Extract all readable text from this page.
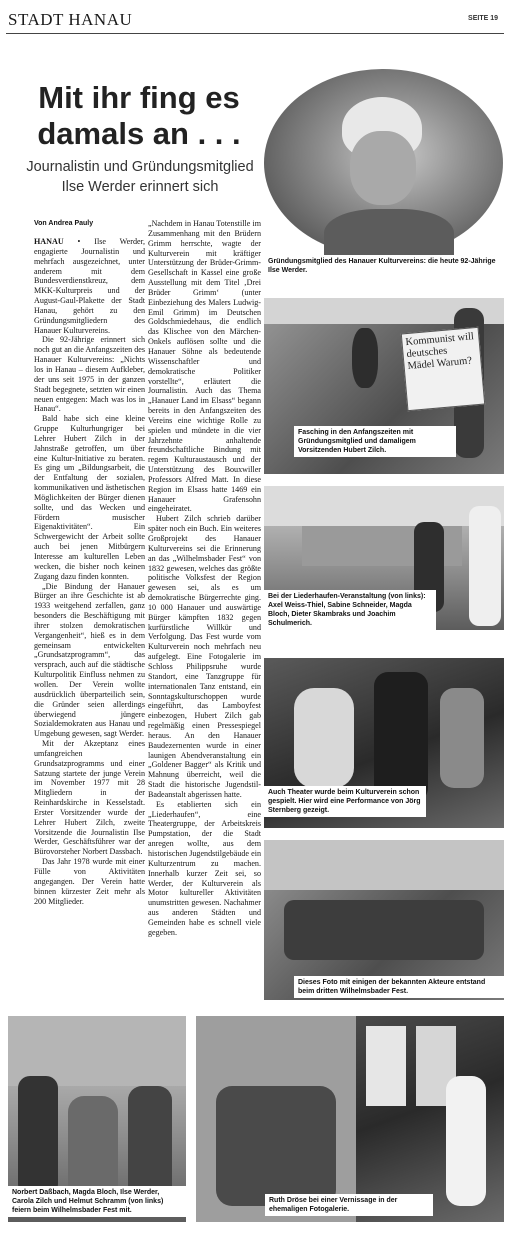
STADT HANAU	SEITE 19
Mit ihr fing es
damals an . . .
Journalistin und Gründungsmitglied Ilse Werder erinnert sich
Von Andrea Pauly

HANAU • Ilse Werder, engagierte Journalistin und mehrfach ausgezeichnet, unter anderem mit dem Bundesverdienstkreuz, dem MKK-Kulturpreis und der August-Gaul-Plakette der Stadt Hanau, gehört zu den Gründungsmitgliedern des Hanauer Kulturvereins.

Die 92-Jährige erinnert sich noch gut an die Anfangszeiten des Hanauer Kulturvereins: „Nichts los in Hanau – diesem Aufkleber, der uns seit 1975 in der ganzen Stadt begegnete, setzten wir einen neuen entgegen: Mach was los in Hanau“.

Bald habe sich eine kleine Gruppe Kulturhungriger bei Lehrer Hubert Zilch in der Jahnstraße getroffen, um über eine Kultur-Initiative zu beraten. Es ging um „Bildungsarbeit, die der Entfaltung der sozialen, kommunikativen und ästhetischen Möglichkeiten der Bürger dienen sollte, und das Wecken und Fördern musischer Eigenaktivitäten“. Ein Schwergewicht der Arbeit sollte auch bei jenen Mitbürgern Interesse am kulturellen Leben wecken, die bisher noch keinen Zugang dazu finden konnten.

„Die Bindung der Hanauer Bürger an ihre Geschichte ist ab 1933 weitgehend zerfallen, ganz besonders die Beschäftigung mit ihrer stolzen demokratischen Vergangenheit“, hieß es in dem gemeinsam entwickelten „Grundsatzprogramm“, das versprach, auch auf die städtische Kulturpolitik Einfluss nehmen zu wollen. Der Verein wollte ausdrücklich überparteilich sein, die Gründer seien allerdings überwiegend jüngere Sozialdemokraten aus Hanau und Umgebung gewesen, sagt Werder.

Mit der Akzeptanz eines umfangreichen Grundsatzprogramms und einer Satzung startete der junge Verein im November 1977 mit 28 Mitgliedern in der Reinhardskirche in Kesselstadt. Erster Vorsitzender wurde der Lehrer Hubert Zilch, zweite Vorsitzende die Journalistin Ilse Werder, Geschäftsführer war der Bürovorsteher Norbert Dassbach.

Das Jahr 1978 wurde mit einer Fülle von Aktivitäten angegangen. Der Verein hatte binnen kürzester Zeit mehr als 200 Mitglieder.

„Nachdem in Hanau Totenstille im Zusammenhang mit den Brüdern Grimm herrschte, wagte der Kulturverein mit kräftiger Unterstützung der Brüder-Grimm-Gesellschaft in Kassel eine große Ausstellung mit dem Titel ‚Drei Brüder Grimm‘ (unter Einbeziehung des Malers Ludwig-Emil Grimm) im Deutschen Goldschmiedehaus, die endlich das Klischee von den Märchen-Onkels auflösen sollte und die Hanauer Söhne als bedeutende Wissenschaftler und demokratische Politiker vorstellte“, erläutert die Journalistin. Auch das Thema „Hanauer Land im Elsass“ begann bereits in den Anfangszeiten des Vereins eine wichtige Rolle zu spielen und mündete in die vier Jahrzehnte anhaltende freundschaftliche Bindung mit regem Kulturaustausch und der Unterstützung des Bouxwiller Professors Alfred Matt. In diese Region im Elsass hatte 1469 ein Hanauer Grafensohn eingeheiratet.

Hubert Zilch schrieb darüber später noch ein Buch. Ein weiteres Großprojekt des Hanauer Kulturvereins sei die Erinnerung an das „Wilhelmsbader Fest“ von 1832 gewesen, welches das größte politische Volksfest der Region gewesen sei, als es um demokratische Bürgerrechte ging. 10 000 Hanauer und auswärtige Bürger kämpften 1832 gegen kurfürstliche Willkür und Verfolgung. Das Fest wurde vom Kulturverein noch mehrfach neu aufgelegt. Eine Fotogalerie im Schloss Philippsruhe wurde Standort, eine Tanzgruppe für internationalen Tanz entstand, ein Sonntagskulturschoppen wurde eingeführt, das Lamboyfest einbezogen, Hubert Zilch gab regelmäßig einen Pressespiegel heraus. An den Hanauer Baudezernenten wurde in einer launigen Abendveranstaltung ein „Goldener Bagger“ als Kritik und Mahnung überreicht, weil die Stadt die historische Jugendstil-Badeanstalt abgerissen hatte.

Es etablierten sich ein „Liederhaufen“, eine Theatergruppe, der Arbeitskreis Pumpstation, der die Stadt anregen wollte, aus dem historischen Jugendstilgebäude ein Kulturzentrum zu machen. Innerhalb kurzer Zeit sei, so Werder, der Kulturverein als Motor kultureller Aktivitäten unumstritten gewesen. Nachahmer aus anderen Städten und Gemeinden habe es schnell viele gegeben.

Gründungsmitglied des Hanauer Kulturvereins: die heute 92-Jährige Ilse Werder.
Kommunist will deutsches Mädel Warum?
Fasching in den Anfangszeiten mit Gründungsmitglied und damaligem Vorsitzenden Hubert Zilch.
Bei der Liederhaufen-Veranstaltung (von links): Axel Weiss-Thiel, Sabine Schneider, Magda Bloch, Dieter Skambraks und Joachim Schulmerich.
Auch Theater wurde beim Kulturverein schon gespielt. Hier wird eine Performance von Jörg Sternberg gezeigt.
Dieses Foto mit einigen der bekannten Akteure entstand beim dritten Wilhelmsbader Fest.
Norbert Daßbach, Magda Bloch, Ilse Werder, Carola Zilch und Helmut Schramm (von links) feiern beim Wilhelmsbader Fest mit.
Ruth Dröse bei einer Vernissage in der ehemaligen Fotogalerie.
